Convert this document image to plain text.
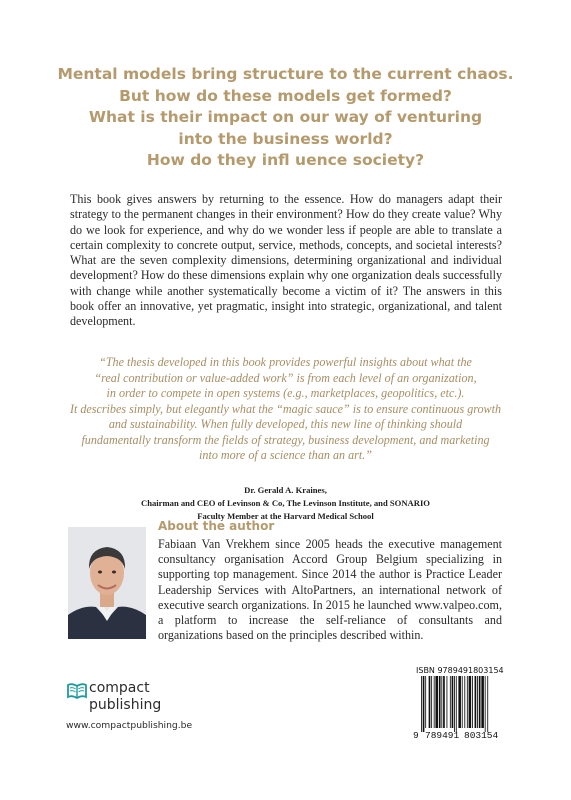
Mental models bring structure to the current chaos.
But how do these models get formed?
What is their impact on our way of venturing
into the business world?
How do they infl uence society?
This book gives answers by returning to the essence. How do managers adapt their strategy to the permanent changes in their environment? How do they create value? Why do we look for experience, and why do we wonder less if people are able to translate a certain complexity to concrete output, service, methods, concepts, and societal interests? What are the seven complexity dimensions, determining organizational and individual development? How do these dimensions explain why one organization deals successfully with change while another systematically become a victim of it? The answers in this book offer an innovative, yet pragmatic, insight into strategic, organizational, and talent development.
“The thesis developed in this book provides powerful insights about what the
“real contribution or value-added work” is from each level of an organization,
in order to compete in open systems (e.g., marketplaces, geopolitics, etc.).
It describes simply, but elegantly what the “magic sauce” is to ensure continuous growth
and sustainability. When fully developed, this new line of thinking should
fundamentally transform the fields of strategy, business development, and marketing
into more of a science than an art.”
Dr. Gerald A. Kraines,
Chairman and CEO of Levinson & Co, The Levinson Institute, and SONARIO
Faculty Member at the Harvard Medical School
About the author
Fabiaan Van Vrekhem since 2005 heads the executive management consultancy organisation Accord Group Belgium specializing in supporting top management. Since 2014 the author is Practice Leader Leadership Services with AltoPartners, an international network of executive search organizations. In 2015 he launched www.valpeo.com, a platform to increase the self-reliance of consultants and organizations based on the principles described within.
compact
publishing
www.compactpublishing.be
ISBN 9789491803154
9 789491 803154
